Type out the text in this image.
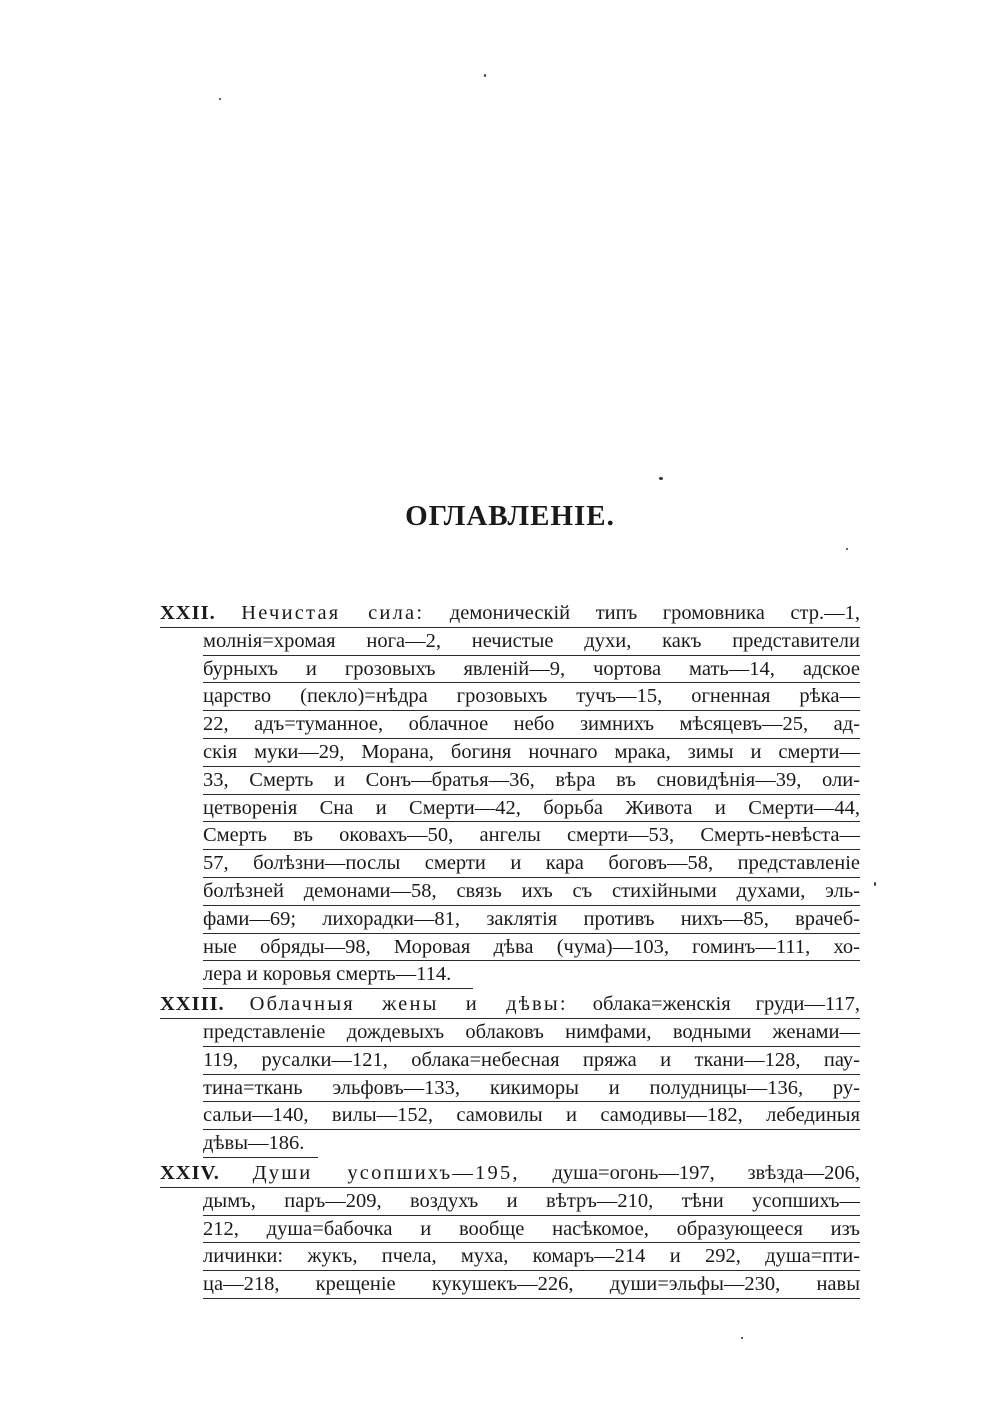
ОГЛАВЛЕНІЕ.
XXII. Нечистая сила: демоническій типъ громовника стр.—1,
молнія=хромая нога—2, нечистые духи, какъ представители
бурныхъ и грозовыхъ явленій—9, чортова мать—14, адское
царство (пекло)=нѣдра грозовыхъ тучъ—15, огненная рѣка—
22, адъ=туманное, облачное небо зимнихъ мѣсяцевъ—25, ад-
скія муки—29, Морана, богиня ночнаго мрака, зимы и смерти—
33, Смерть и Сонъ—братья—36, вѣра въ сновидѣнія—39, оли-
цетворенія Сна и Смерти—42, борьба Живота и Смерти—44,
Смерть въ оковахъ—50, ангелы смерти—53, Смерть-невѣста—
57, болѣзни—послы смерти и кара боговъ—58, представленіе
болѣзней демонами—58, связь ихъ съ стихійными духами, эль-
фами—69; лихорадки—81, заклятія противъ нихъ—85, врачеб-
ные обряды—98, Моровая дѣва (чума)—103, гоминъ—111, хо-
лера и коровья смерть—114.
XXIII. Облачныя жены и дѣвы: облака=женскія груди—117,
представленіе дождевыхъ облаковъ нимфами, водными женами—
119, русалки—121, облака=небесная пряжа и ткани—128, пау-
тина=ткань эльфовъ—133, кикиморы и полудницы—136, ру-
сальи—140, вилы—152, самовилы и самодивы—182, лебединыя
дѣвы—186.
XXIV. Души усопшихъ—195, душа=огонь—197, звѣзда—206,
дымъ, паръ—209, воздухъ и вѣтръ—210, тѣни усопшихъ—
212, душа=бабочка и вообще насѣкомое, образующееся изъ
личинки: жукъ, пчела, муха, комаръ—214 и 292, душа=пти-
ца—218, крещеніе кукушекъ—226, души=эльфы—230, навы
